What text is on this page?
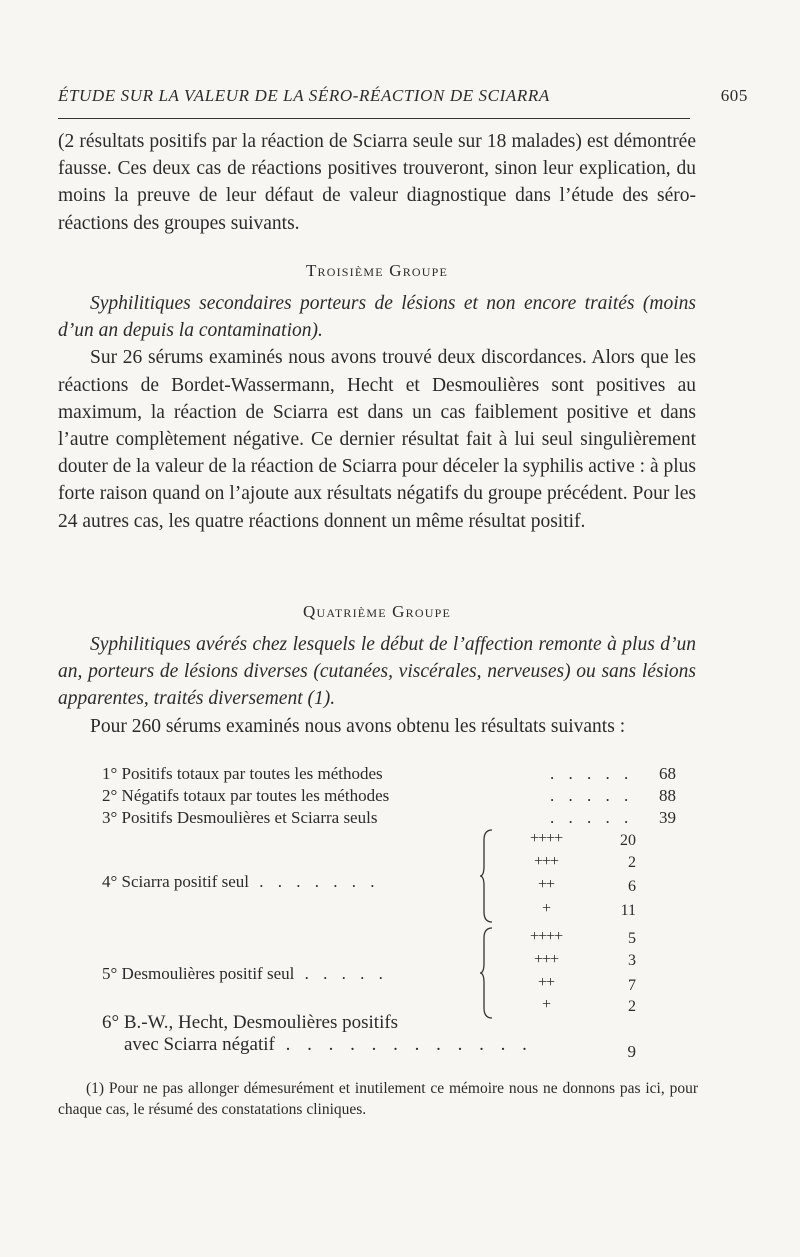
ÉTUDE SUR LA VALEUR DE LA SÉRO-RÉACTION DE SCIARRA	605

(2 résultats positifs par la réaction de Sciarra seule sur 18 malades) est démontrée fausse. Ces deux cas de réactions positives trouveront, sinon leur explication, du moins la preuve de leur défaut de valeur diagnostique dans l’étude des séro-réactions des groupes suivants.

Troisième Groupe

Syphilitiques secondaires porteurs de lésions et non encore traités (moins d’un an depuis la contamination).

Sur 26 sérums examinés nous avons trouvé deux discordances. Alors que les réactions de Bordet-Wassermann, Hecht et Desmoulières sont positives au maximum, la réaction de Sciarra est dans un cas faiblement positive et dans l’autre complètement négative. Ce dernier résultat fait à lui seul singulièrement douter de la valeur de la réaction de Sciarra pour déceler la syphilis active : à plus forte raison quand on l’ajoute aux résultats négatifs du groupe précédent. Pour les 24 autres cas, les quatre réactions donnent un même résultat positif.

Quatrième Groupe

Syphilitiques avérés chez lesquels le début de l’affection remonte à plus d’un an, porteurs de lésions diverses (cutanées, viscérales, nerveuses) ou sans lésions apparentes, traités diversement (1).

Pour 260 sérums examinés nous avons obtenu les résultats suivants :

1° Positifs totaux par toutes les méthodes	. . . . . 68
2° Négatifs totaux par toutes les méthodes	. . . . . 88
3° Positifs Desmoulières et Sciarra seuls	. . . . . 39
4° Sciarra positif seul . . . . . . .
++++	20
+++	2
++	6
+	11
5° Desmoulières positif seul . . . . .
++++	5
+++	3
++	7
+	2
6° B.-W., Hecht, Desmoulières positifs
avec Sciarra négatif . . . . . . . . . . . .	9
(1) Pour ne pas allonger démesurément et inutilement ce mémoire nous ne donnons pas ici, pour chaque cas, le résumé des constatations cliniques.
